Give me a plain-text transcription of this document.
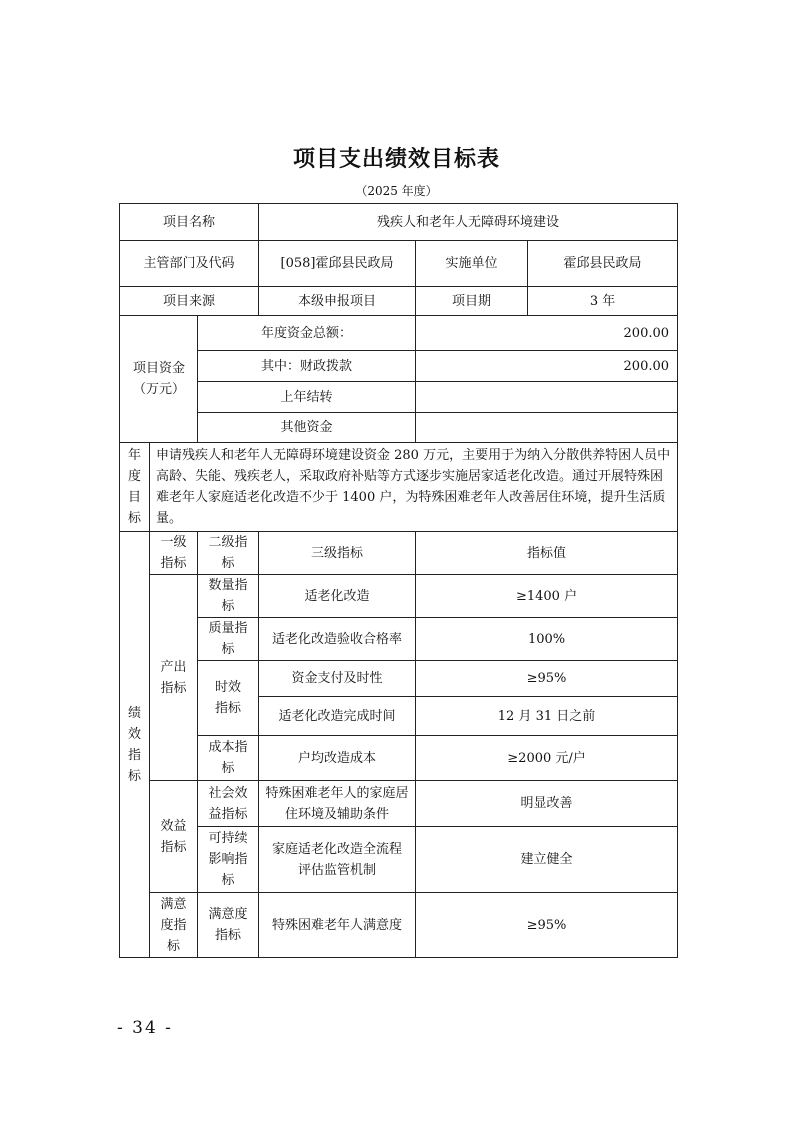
项目支出绩效目标表
（2025 年度）
项目名称			残疾人和老年人无障碍环境建设		
主管部门及代码			[058]霍邱县民政局	实施单位	霍邱县民政局
项目来源			本级申报项目	项目期	3 年

项目资金（万元）		年度资金总额：		200.00	
		其中：财政拨款		200.00	
		上年结转			
		其他资金			

年度目标	申请残疾人和老年人无障碍环境建设资金 280 万元，主要用于为纳入分散供养特困人员中高龄、失能、残疾老人，采取政府补贴等方式逐步实施居家适老化改造。通过开展特殊困难老年人家庭适老化改造不少于 1400 户，为特殊困难老年人改善居住环境，提升生活质量。				

绩效指标	一级指标	二级指标	三级指标	指标值	

	产出指标	数量指标	适老化改造	≥1400 户	

		质量指标	适老化改造验收合格率	100%	

		时效指标	资金支付及时性	≥95%	
			适老化改造完成时间	12 月 31 日之前	

		成本指标	户均改造成本	≥2000 元/户	

	效益指标	社会效益指标	特殊困难老年人的家庭居住环境及辅助条件	明显改善	

		可持续影响指标	家庭适老化改造全流程评估监管机制	建立健全	

	满意度指标	满意度指标	特殊困难老年人满意度	≥95%	
- 34 -
